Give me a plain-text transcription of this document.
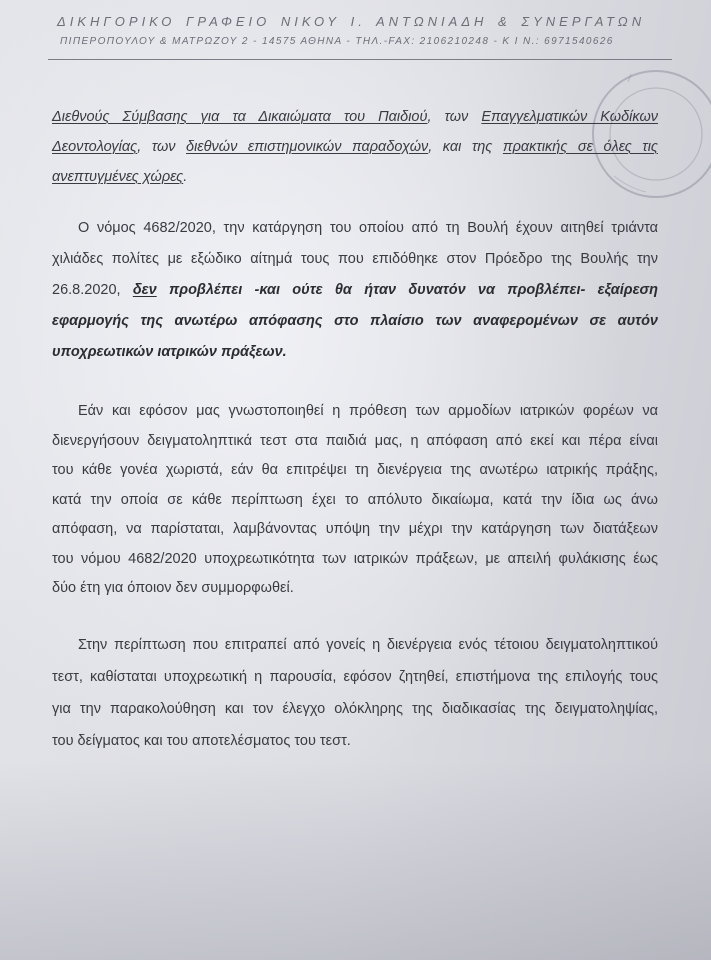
ΔΙΚΗΓΟΡΙΚΟ ΓΡΑΦΕΙΟ ΝΙΚΟΥ Ι. ΑΝΤΩΝΙΑΔΗ & ΣΥΝΕΡΓΑΤΩΝ
ΠΙΠΕΡΟΠΟΥΛΟΥ & ΜΑΤΡΩΖΟΥ 2 - 14575 ΑΘΗΝΑ - ΤΗΛ.-FAX: 2106210248 - Κ Ι Ν.: 6971540626
Διεθνούς Σύμβασης για τα Δικαιώματα του Παιδιού, των Επαγγελματικών Κωδίκων
Δεοντολογίας, των διεθνών επιστημονικών παραδοχών, και της πρακτικής σε όλες τις
ανεπτυγμένες χώρες.
Ο νόμος 4682/2020, την κατάργηση του οποίου από τη Βουλή έχουν αιτηθεί τριάντα
χιλιάδες πολίτες με εξώδικο αίτημά τους που επιδόθηκε στον Πρόεδρο της Βουλής την
26.8.2020, δεν προβλέπει -και ούτε θα ήταν δυνατόν να προβλέπει- εξαίρεση
εφαρμογής της ανωτέρω απόφασης στο πλαίσιο των αναφερομένων σε αυτόν
υποχρεωτικών ιατρικών πράξεων.
Εάν και εφόσον μας γνωστοποιηθεί η πρόθεση των αρμοδίων ιατρικών φορέων να
διενεργήσουν δειγματοληπτικά τεστ στα παιδιά μας, η απόφαση από εκεί και πέρα είναι
του κάθε γονέα χωριστά, εάν θα επιτρέψει τη διενέργεια της ανωτέρω ιατρικής πράξης,
κατά την οποία σε κάθε περίπτωση έχει το απόλυτο δικαίωμα, κατά την ίδια ως άνω
απόφαση, να παρίσταται, λαμβάνοντας υπόψη την μέχρι την κατάργηση των διατάξεων
του νόμου 4682/2020 υποχρεωτικότητα των ιατρικών πράξεων, με απειλή φυλάκισης έως
δύο έτη για όποιον δεν συμμορφωθεί.
Στην περίπτωση που επιτραπεί από γονείς η διενέργεια ενός τέτοιου δειγματοληπτικού
τεστ, καθίσταται υποχρεωτική η παρουσία, εφόσον ζητηθεί, επιστήμονα της επιλογής τους
για την παρακολούθηση και τον έλεγχο ολόκληρης της διαδικασίας της δειγματοληψίας,
του δείγματος και του αποτελέσματος του τεστ.
